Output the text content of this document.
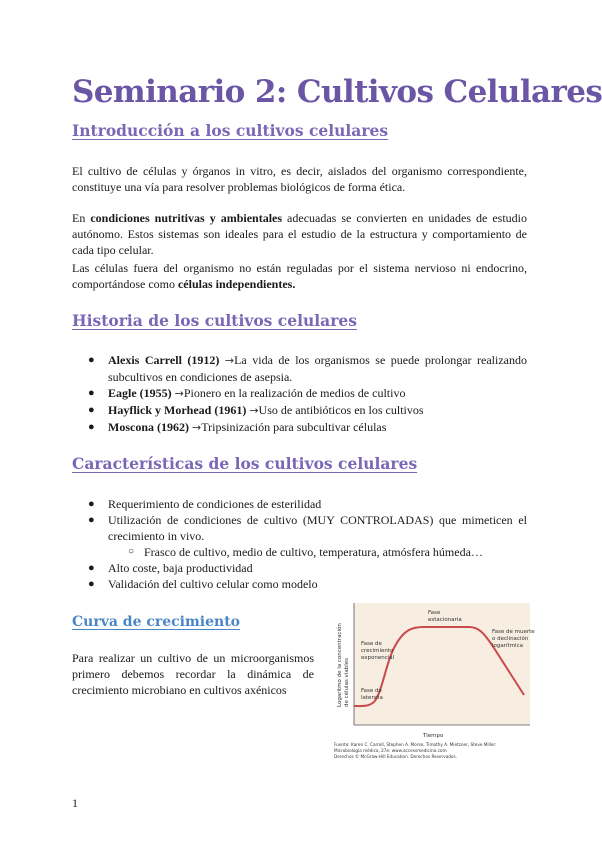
Seminario 2: Cultivos Celulares
Introducción a los cultivos celulares

El cultivo de células y órganos in vitro, es decir, aislados del organismo correspondiente, constituye una vía para resolver problemas biológicos de forma ética.

En condiciones nutritivas y ambientales adecuadas se convierten en unidades de estudio autónomo. Estos sistemas son ideales para el estudio de la estructura y comportamiento de cada tipo celular.

Las células fuera del organismo no están reguladas por el sistema nervioso ni endocrino, comportándose como células independientes.

Historia de los cultivos celulares
● Alexis Carrell (1912) →La vida de los organismos se puede prolongar realizando subcultivos en condiciones de asepsia.
● Eagle (1955) →Pionero en la realización de medios de cultivo
● Hayflick y Morhead (1961) →Uso de antibióticos en los cultivos
● Moscona (1962) →Tripsinización para subcultivar células
Características de los cultivos celulares
● Requerimiento de condiciones de esterilidad
● Utilización de condiciones de cultivo (MUY CONTROLADAS) que mimeticen el crecimiento in vivo.
○ Frasco de cultivo, medio de cultivo, temperatura, atmósfera húmeda…
● Alto coste, baja productividad
● Validación del cultivo celular como modelo
Curva de crecimiento

Para realizar un cultivo de un microorganismos primero debemos recordar la dinámica de crecimiento microbiano en cultivos axénicos	Logaritmo de la concentración de células viables
Tiempo
Fase de
latencia
Fase de
crecimiento
exponencial
Fase
estacionaria
Fase de muerte
o declinación
logarítmica
Fuente: Karen C. Carroll, Stephen A. Morse, Timothy A. Mietzner, Steve Miller:
Microbiología médica, 27e: www.accessmedicina.com
Derechos © McGraw-Hill Education. Derechos Reservados.
1
